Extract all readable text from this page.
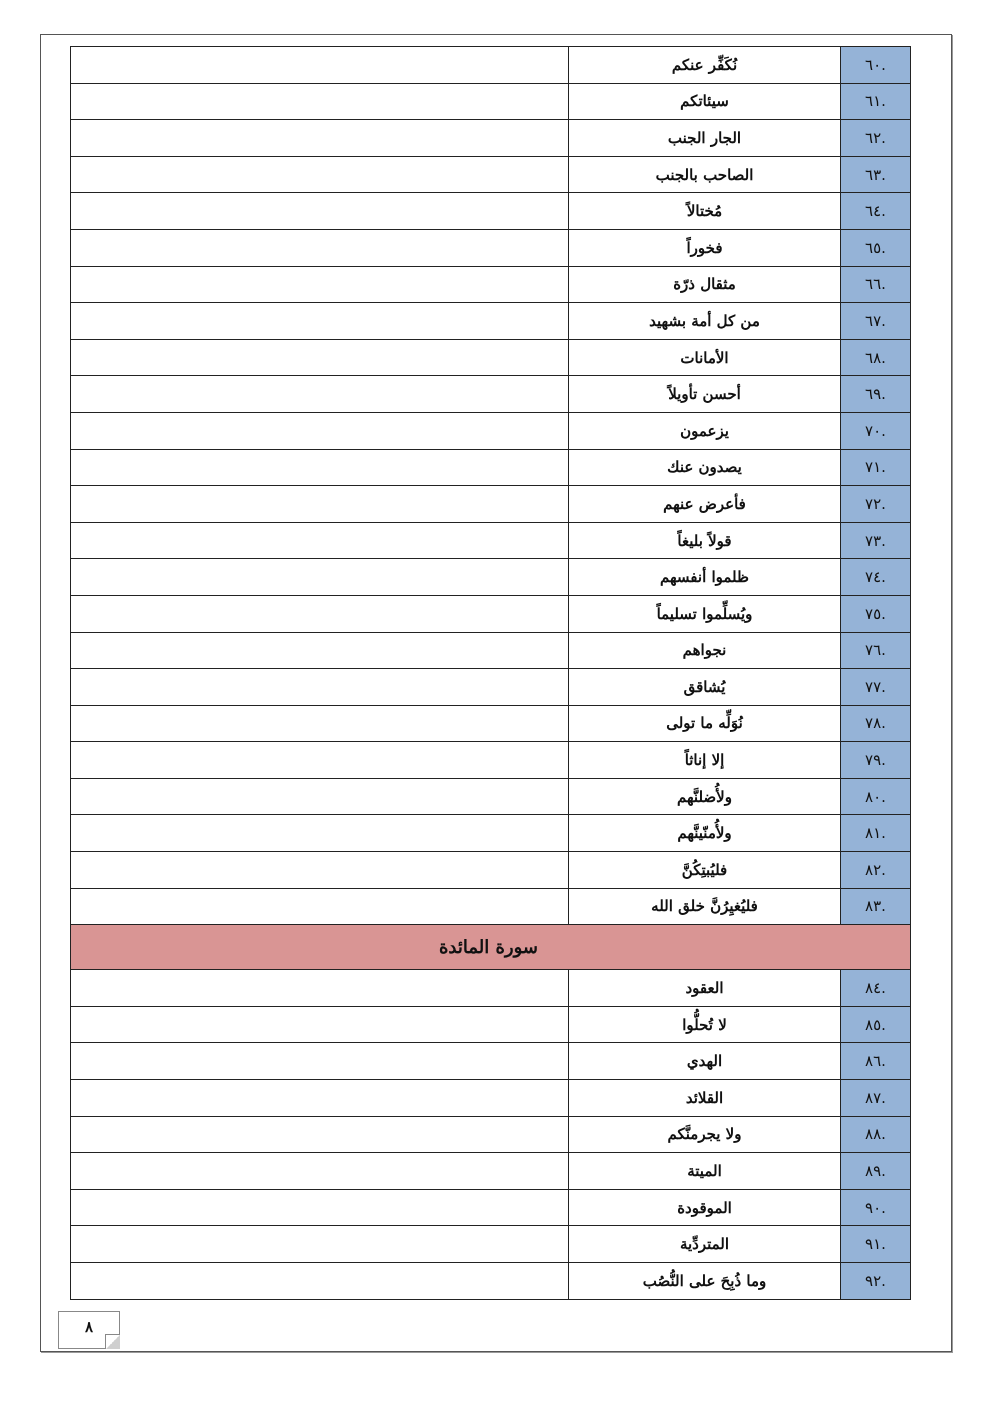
٦٠.	نُكَفِّر عنكم	
٦١.	سيئاتكم	
٦٢.	الجار الجنب	
٦٣.	الصاحب بالجنب	
٦٤.	مُختالاً	
٦٥.	فخوراً	
٦٦.	مثقال ذرّة	
٦٧.	من كل أمة بشهيد	
٦٨.	الأمانات	
٦٩.	أحسن تأويلاً	
٧٠.	يزعمون	
٧١.	يصدون عنك	
٧٢.	فأعرض عنهم	
٧٣.	قولاً بليغاً	
٧٤.	ظلموا أنفسهم	
٧٥.	ويُسلِّموا تسليماً	
٧٦.	نجواهم	
٧٧.	يُشاقق	
٧٨.	نُوَلِّه ما تولى	
٧٩.	إلا إناثاً	
٨٠.	ولأُضلنَّهم	
٨١.	ولأُمنّينَّهم	
٨٢.	فليُبتِكُنَّ	
٨٣.	فليُغيِرُنَّ خلق الله	
سورة المائدة		
٨٤.	العقود	
٨٥.	لا تُحلُّوا	
٨٦.	الهدي	
٨٧.	القلائد	
٨٨.	ولا يجرمنَّكم	
٨٩.	الميتة	
٩٠.	الموقودة	
٩١.	المتردِّية	
٩٢.	وما ذُبِحَ على النُّصُب	
٨
